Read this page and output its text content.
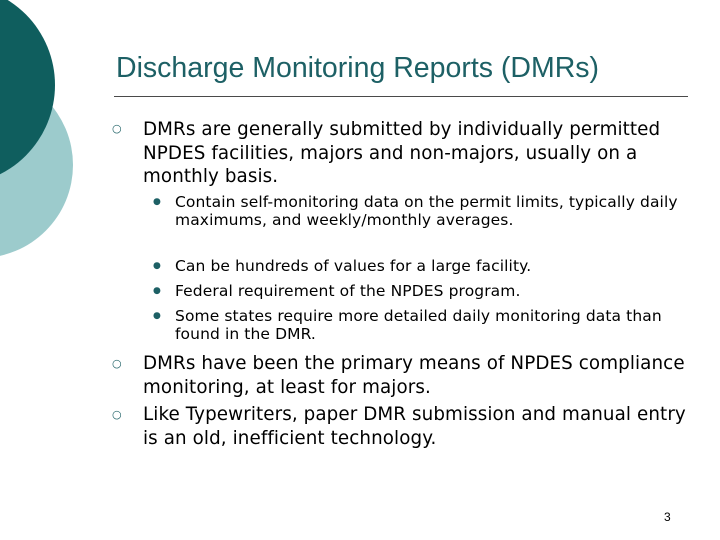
Discharge Monitoring Reports (DMRs)
○ DMRs are generally submitted by individually permitted NPDES facilities, majors and non-majors, usually on a monthly basis.
● Contain self-monitoring data on the permit limits, typically daily maximums, and weekly/monthly averages.
● Can be hundreds of values for a large facility.
● Federal requirement of the NPDES program.
● Some states require more detailed daily monitoring data than found in the DMR.
○ DMRs have been the primary means of NPDES compliance monitoring, at least for majors.
○ Like Typewriters, paper DMR submission and manual entry is an old, inefficient technology.
3
